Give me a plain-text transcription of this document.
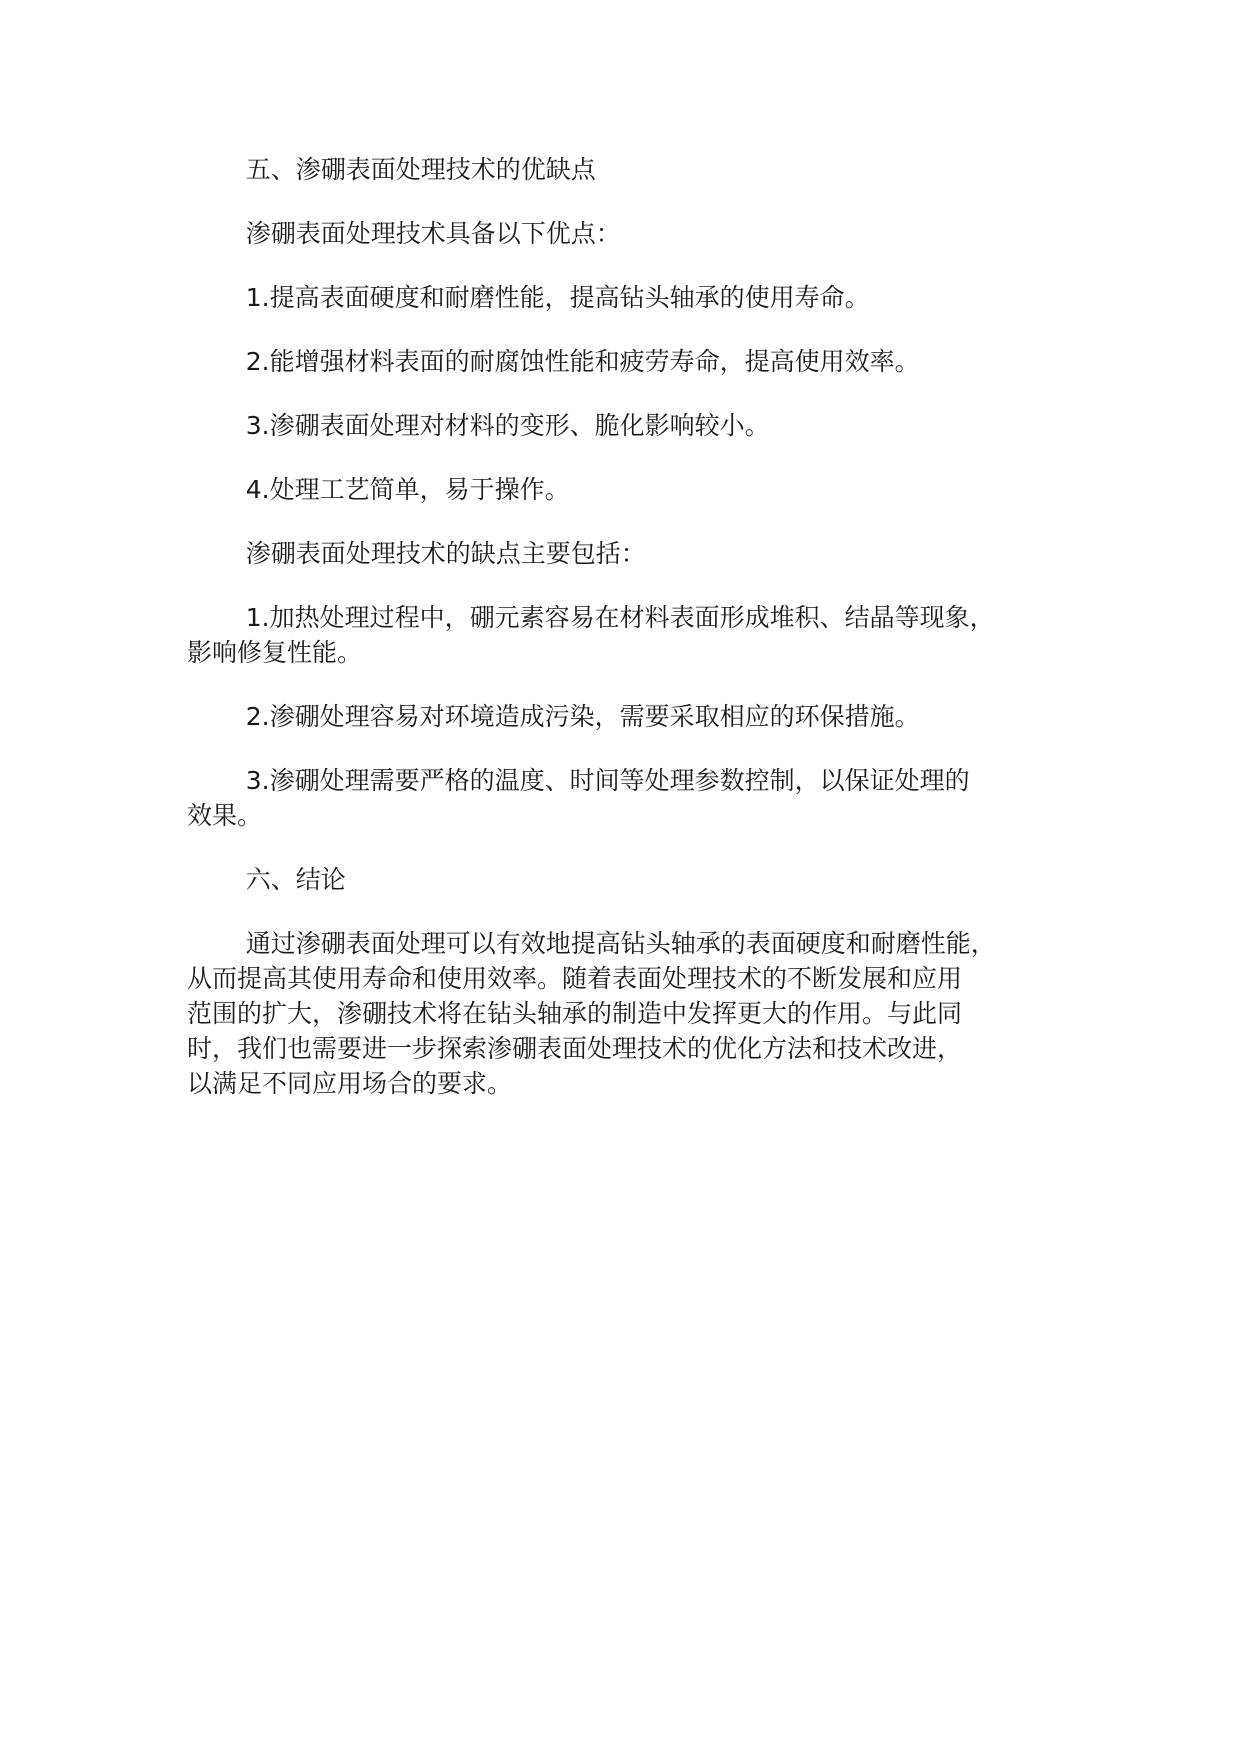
五、渗硼表面处理技术的优缺点

渗硼表面处理技术具备以下优点：

1.提高表面硬度和耐磨性能，提高钻头轴承的使用寿命。

2.能增强材料表面的耐腐蚀性能和疲劳寿命，提高使用效率。

3.渗硼表面处理对材料的变形、脆化影响较小。

4.处理工艺简单，易于操作。

渗硼表面处理技术的缺点主要包括：

1.加热处理过程中，硼元素容易在材料表面形成堆积、结晶等现象，
影响修复性能。

2.渗硼处理容易对环境造成污染，需要采取相应的环保措施。

3.渗硼处理需要严格的温度、时间等处理参数控制，以保证处理的
效果。

六、结论

通过渗硼表面处理可以有效地提高钻头轴承的表面硬度和耐磨性能，
从而提高其使用寿命和使用效率。随着表面处理技术的不断发展和应用
范围的扩大，渗硼技术将在钻头轴承的制造中发挥更大的作用。与此同
时，我们也需要进一步探索渗硼表面处理技术的优化方法和技术改进，
以满足不同应用场合的要求。
